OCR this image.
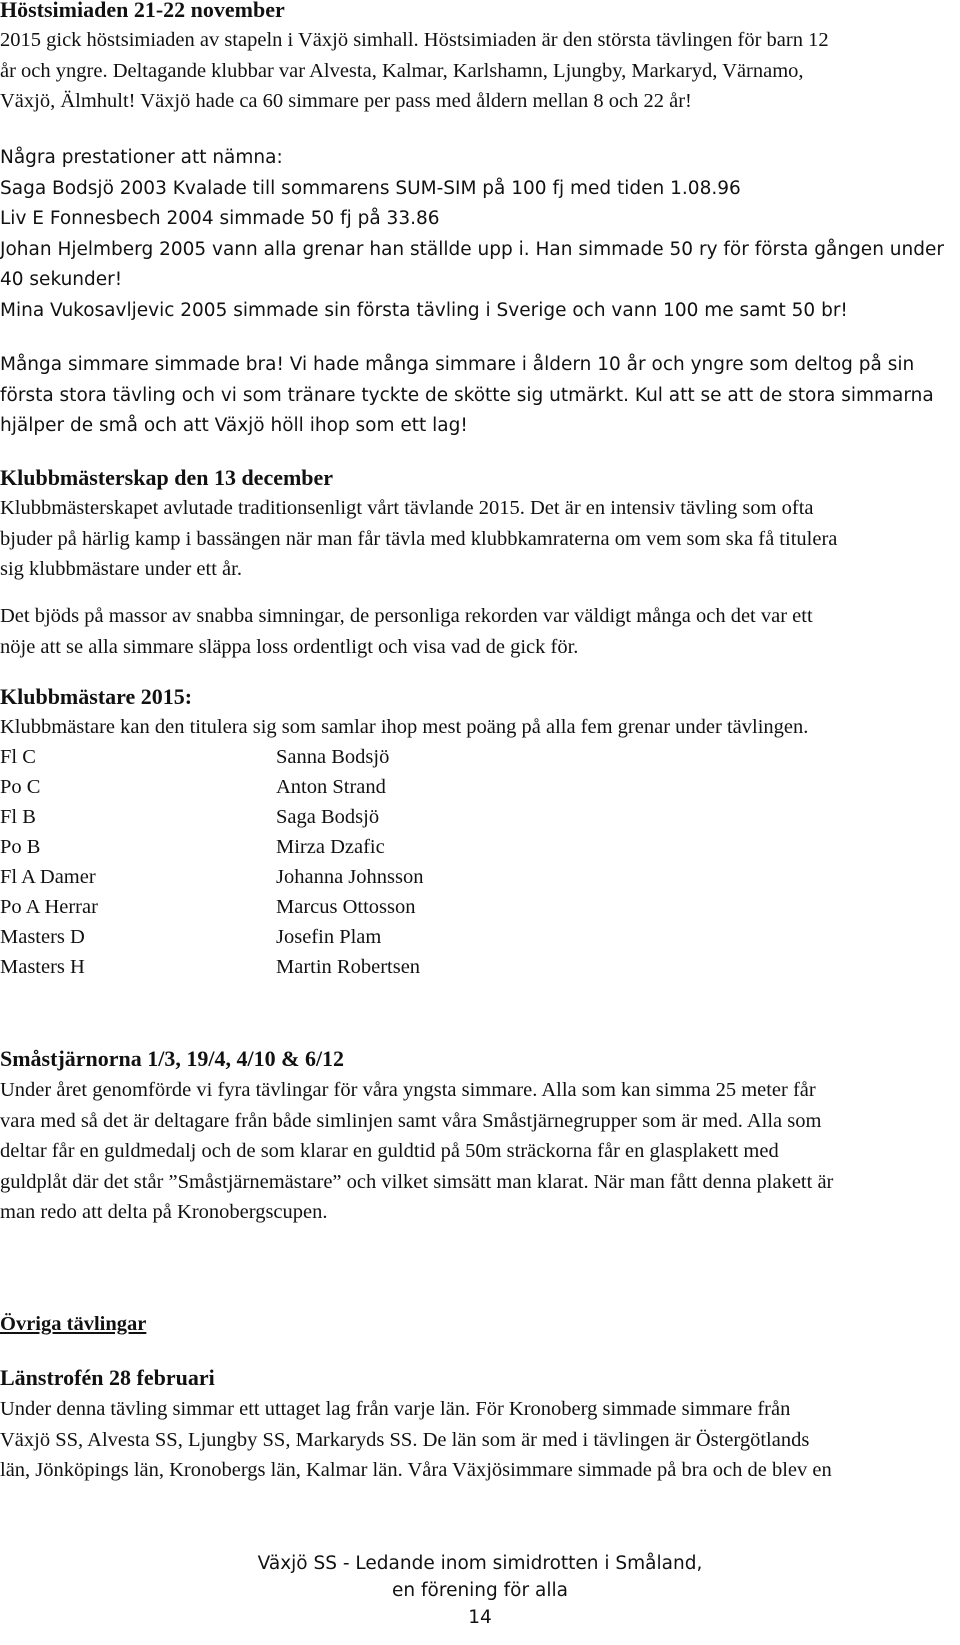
Höstsimiaden 21-22 november
2015 gick höstsimiaden av stapeln i Växjö simhall. Höstsimiaden är den största tävlingen för barn 12
år och yngre. Deltagande klubbar var Alvesta, Kalmar, Karlshamn, Ljungby, Markaryd, Värnamo,
Växjö, Älmhult! Växjö hade ca 60 simmare per pass med åldern mellan 8 och 22 år!
Några prestationer att nämna:
Saga Bodsjö 2003 Kvalade till sommarens SUM-SIM på 100 fj med tiden 1.08.96
Liv E Fonnesbech 2004 simmade 50 fj på 33.86
Johan Hjelmberg 2005 vann alla grenar han ställde upp i. Han simmade 50 ry för första gången under
40 sekunder!
Mina Vukosavljevic 2005 simmade sin första tävling i Sverige och vann 100 me samt 50 br!
Många simmare simmade bra! Vi hade många simmare i åldern 10 år och yngre som deltog på sin
första stora tävling och vi som tränare tyckte de skötte sig utmärkt. Kul att se att de stora simmarna
hjälper de små och att Växjö höll ihop som ett lag!
Klubbmästerskap den 13 december
Klubbmästerskapet avlutade traditionsenligt vårt tävlande 2015. Det är en intensiv tävling som ofta
bjuder på härlig kamp i bassängen när man får tävla med klubbkamraterna om vem som ska få titulera
sig klubbmästare under ett år.
Det bjöds på massor av snabba simningar, de personliga rekorden var väldigt många och det var ett
nöje att se alla simmare släppa loss ordentligt och visa vad de gick för.
Klubbmästare 2015:
Klubbmästare kan den titulera sig som samlar ihop mest poäng på alla fem grenar under tävlingen.
Fl C	Sanna Bodsjö
Po C	Anton Strand
Fl B	Saga Bodsjö
Po B	Mirza Dzafic
Fl A Damer	Johanna Johnsson
Po A Herrar	Marcus Ottosson
Masters D	Josefin Plam
Masters H	Martin Robertsen
Småstjärnorna 1/3, 19/4, 4/10 & 6/12
Under året genomförde vi fyra tävlingar för våra yngsta simmare. Alla som kan simma 25 meter får
vara med så det är deltagare från både simlinjen samt våra Småstjärnegrupper som är med. Alla som
deltar får en guldmedalj och de som klarar en guldtid på 50m sträckorna får en glasplakett med
guldplåt där det står ”Småstjärnemästare” och vilket simsätt man klarat. När man fått denna plakett är
man redo att delta på Kronobergscupen.
Övriga tävlingar
Länstrofén 28 februari
Under denna tävling simmar ett uttaget lag från varje län. För Kronoberg simmade simmare från
Växjö SS, Alvesta SS, Ljungby SS, Markaryds SS. De län som är med i tävlingen är Östergötlands
län, Jönköpings län, Kronobergs län, Kalmar län. Våra Växjösimmare simmade på bra och de blev en
Växjö SS - Ledande inom simidrotten i Småland,
en förening för alla
14
